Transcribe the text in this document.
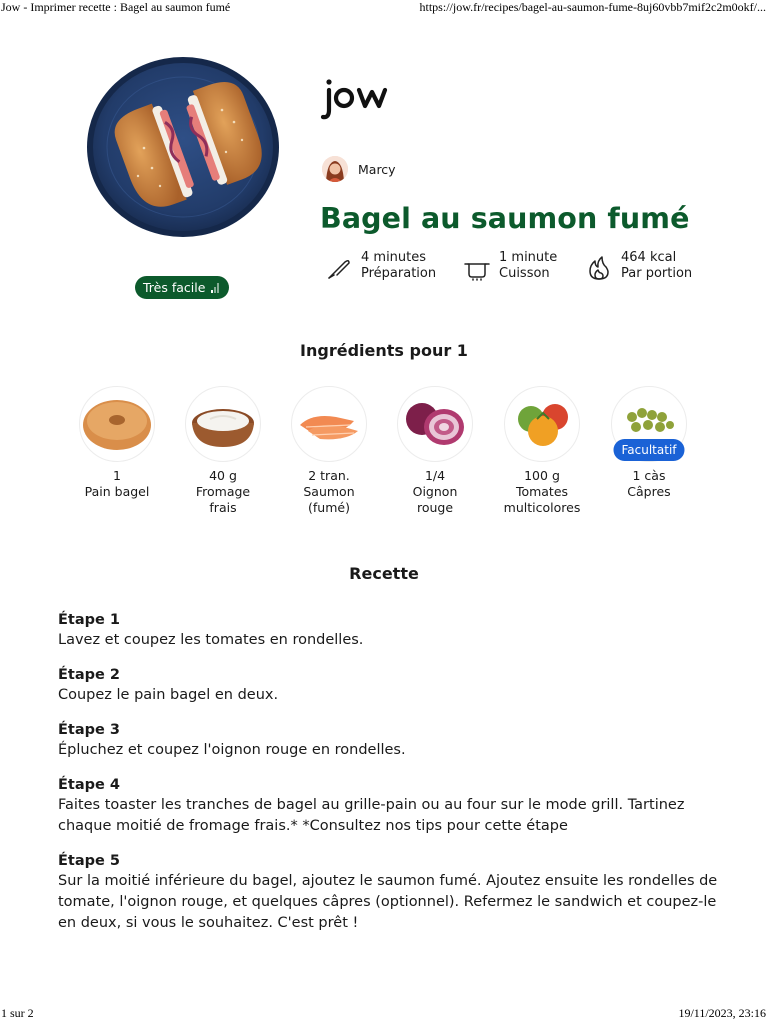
Jow - Imprimer recette : Bagel au saumon fumé	https://jow.fr/recipes/bagel-au-saumon-fume-8uj60vbb7mif2c2m0okf/...
Très facile
Marcy
Bagel au saumon fumé
4 minutes
Préparation
1 minute
Cuisson
464 kcal
Par portion
Ingrédients pour 1
1
Pain bagel
40 g
Fromage
frais
2 tran.
Saumon
(fumé)
1/4
Oignon
rouge
100 g
Tomates
multicolores
Facultatif
1 càs
Câpres
Recette
Étape 1
Lavez et coupez les tomates en rondelles.
Étape 2
Coupez le pain bagel en deux.
Étape 3
Épluchez et coupez l'oignon rouge en rondelles.
Étape 4
Faites toaster les tranches de bagel au grille-pain ou au four sur le mode grill. Tartinez chaque moitié de fromage frais.* *Consultez nos tips pour cette étape
Étape 5
Sur la moitié inférieure du bagel, ajoutez le saumon fumé. Ajoutez ensuite les rondelles de tomate, l'oignon rouge, et quelques câpres (optionnel). Refermez le sandwich et coupez-le en deux, si vous le souhaitez. C'est prêt !
1 sur 2	19/11/2023, 23:16
